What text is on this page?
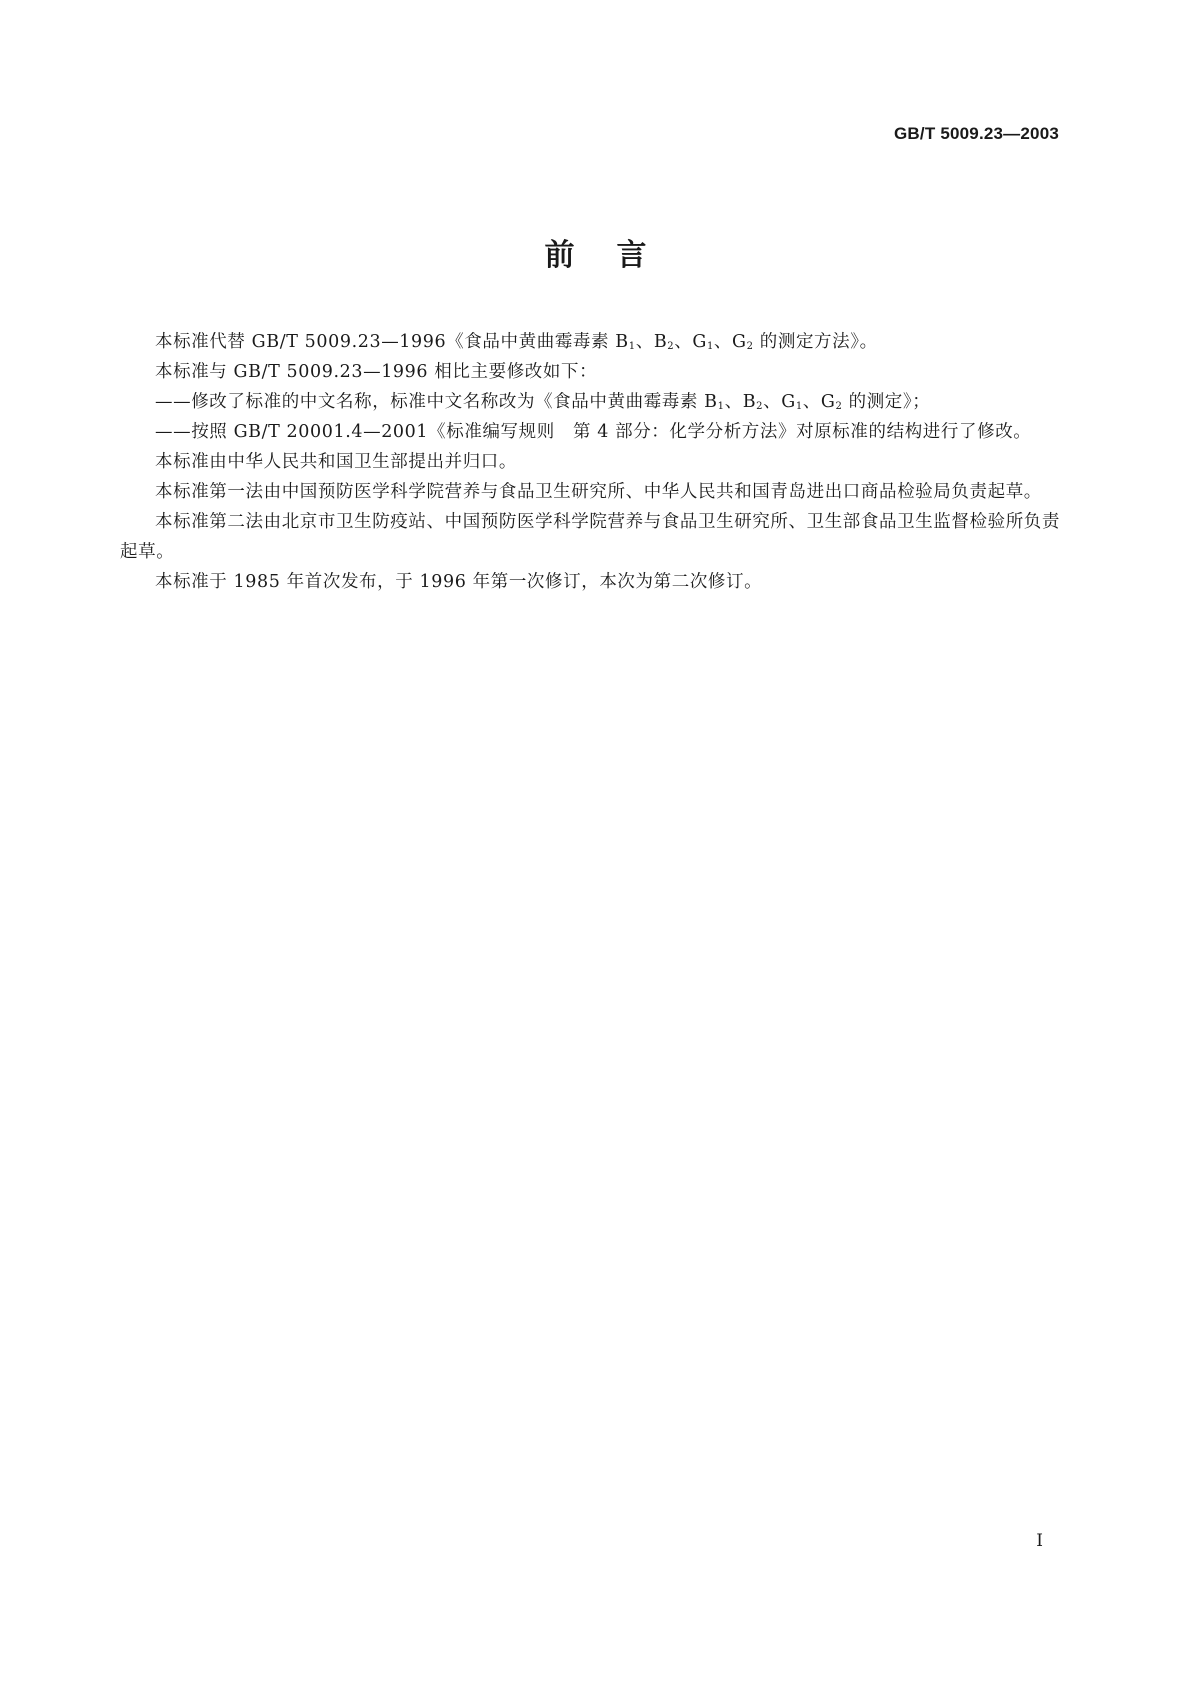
GB/T 5009.23—2003
前言

本标准代替 GB/T 5009.23—1996《食品中黄曲霉毒素 $B_1$、$B_2$、$G_1$、$G_2$ 的测定方法》。

本标准与 GB/T 5009.23—1996 相比主要修改如下：

—— 修改了标准的中文名称，标准中文名称改为《食品中黄曲霉毒素 $B_1$、$B_2$、$G_1$、$G_2$ 的测定》；
—— 按照 GB/T 20001.4—2001《标准编写规则　第 4 部分：化学分析方法》对原标准的结构进行了修改。

本标准由中华人民共和国卫生部提出并归口。

本标准第一法由中国预防医学科学院营养与食品卫生研究所、中华人民共和国青岛进出口商品检验局负责起草。

本标准第二法由北京市卫生防疫站、中国预防医学科学院营养与食品卫生研究所、卫生部食品卫生监督检验所负责起草。

本标准于 1985 年首次发布，于 1996 年第一次修订，本次为第二次修订。

I
